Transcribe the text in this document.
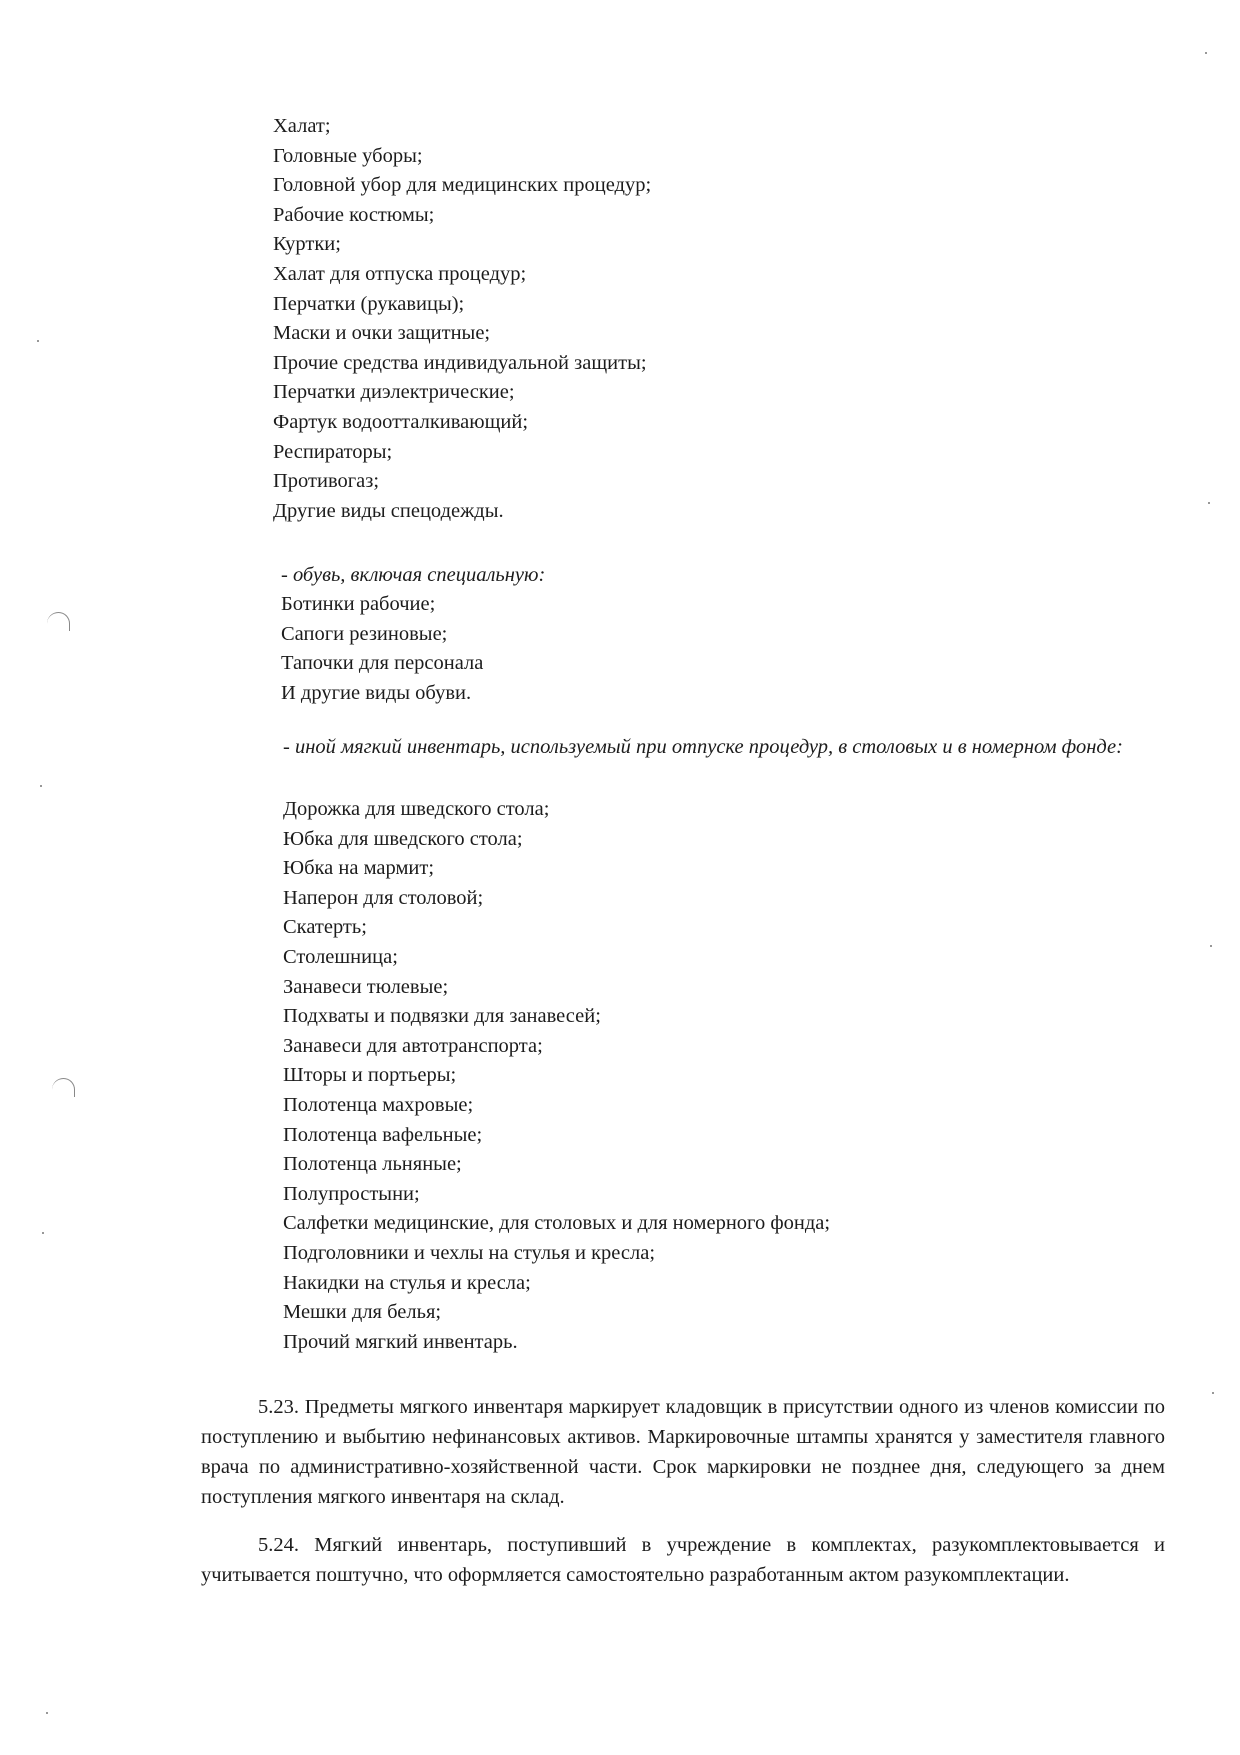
Халат;
Головные уборы;
Головной убор для медицинских процедур;
Рабочие костюмы;
Куртки;
Халат для отпуска процедур;
Перчатки (рукавицы);
Маски и очки защитные;
Прочие средства индивидуальной защиты;
Перчатки диэлектрические;
Фартук водоотталкивающий;
Респираторы;
Противогаз;
Другие виды спецодежды.
- обувь, включая специальную:
Ботинки рабочие;
Сапоги резиновые;
Тапочки для персонала
И другие виды обуви.
- иной мягкий инвентарь, используемый при отпуске процедур, в столовых и в номерном фонде:
Дорожка для шведского стола;
Юбка для шведского стола;
Юбка на мармит;
Наперон для столовой;
Скатерть;
Столешница;
Занавеси тюлевые;
Подхваты и подвязки для занавесей;
Занавеси для автотранспорта;
Шторы и портьеры;
Полотенца махровые;
Полотенца вафельные;
Полотенца льняные;
Полупростыни;
Салфетки медицинские, для столовых и для номерного фонда;
Подголовники и чехлы на стулья и кресла;
Накидки на стулья и кресла;
Мешки для белья;
Прочий мягкий инвентарь.

5.23. Предметы мягкого инвентаря маркирует кладовщик в присутствии одного из членов комиссии по поступлению и выбытию нефинансовых активов. Маркировочные штампы хранятся у заместителя главного врача по административно-хозяйственной части. Срок маркировки не позднее дня, следующего за днем поступления мягкого инвентаря на склад.

5.24. Мягкий инвентарь, поступивший в учреждение в комплектах, разукомплектовывается и учитывается поштучно, что оформляется самостоятельно разработанным актом разукомплектации.
